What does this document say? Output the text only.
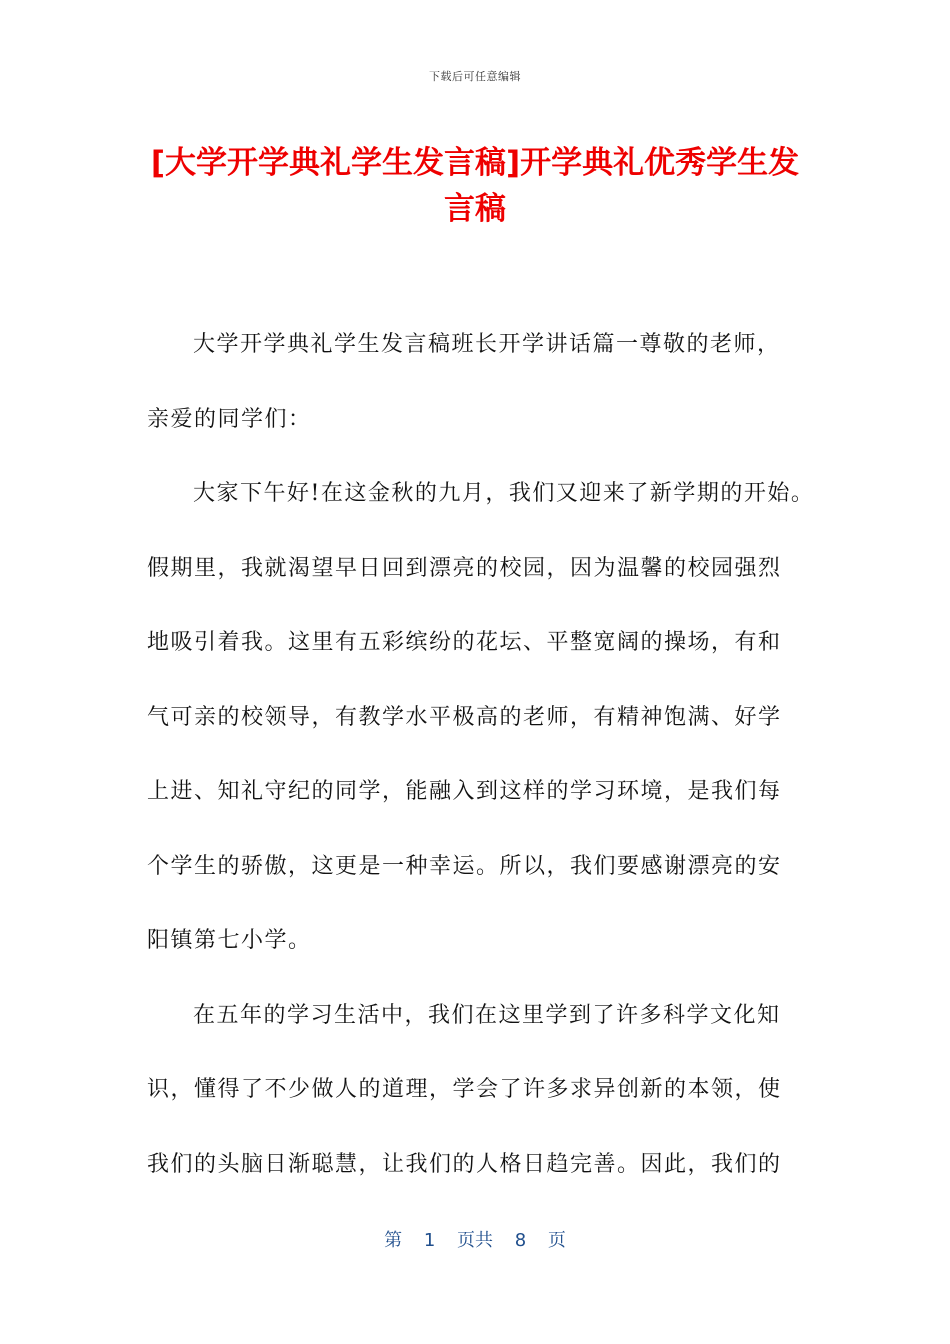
下载后可任意编辑
[大学开学典礼学生发言稿]开学典礼优秀学生发言稿
大学开学典礼学生发言稿班长开学讲话篇一尊敬的老师，
亲爱的同学们：
大家下午好!在这金秋的九月，我们又迎来了新学期的开始。
假期里，我就渴望早日回到漂亮的校园，因为温馨的校园强烈
地吸引着我。这里有五彩缤纷的花坛、平整宽阔的操场，有和
气可亲的校领导，有教学水平极高的老师，有精神饱满、好学
上进、知礼守纪的同学，能融入到这样的学习环境，是我们每
个学生的骄傲，这更是一种幸运。所以，我们要感谢漂亮的安
阳镇第七小学。
在五年的学习生活中，我们在这里学到了许多科学文化知
识，懂得了不少做人的道理，学会了许多求异创新的本领，使
我们的头脑日渐聪慧，让我们的人格日趋完善。因此，我们的
第 1 页共 8 页
